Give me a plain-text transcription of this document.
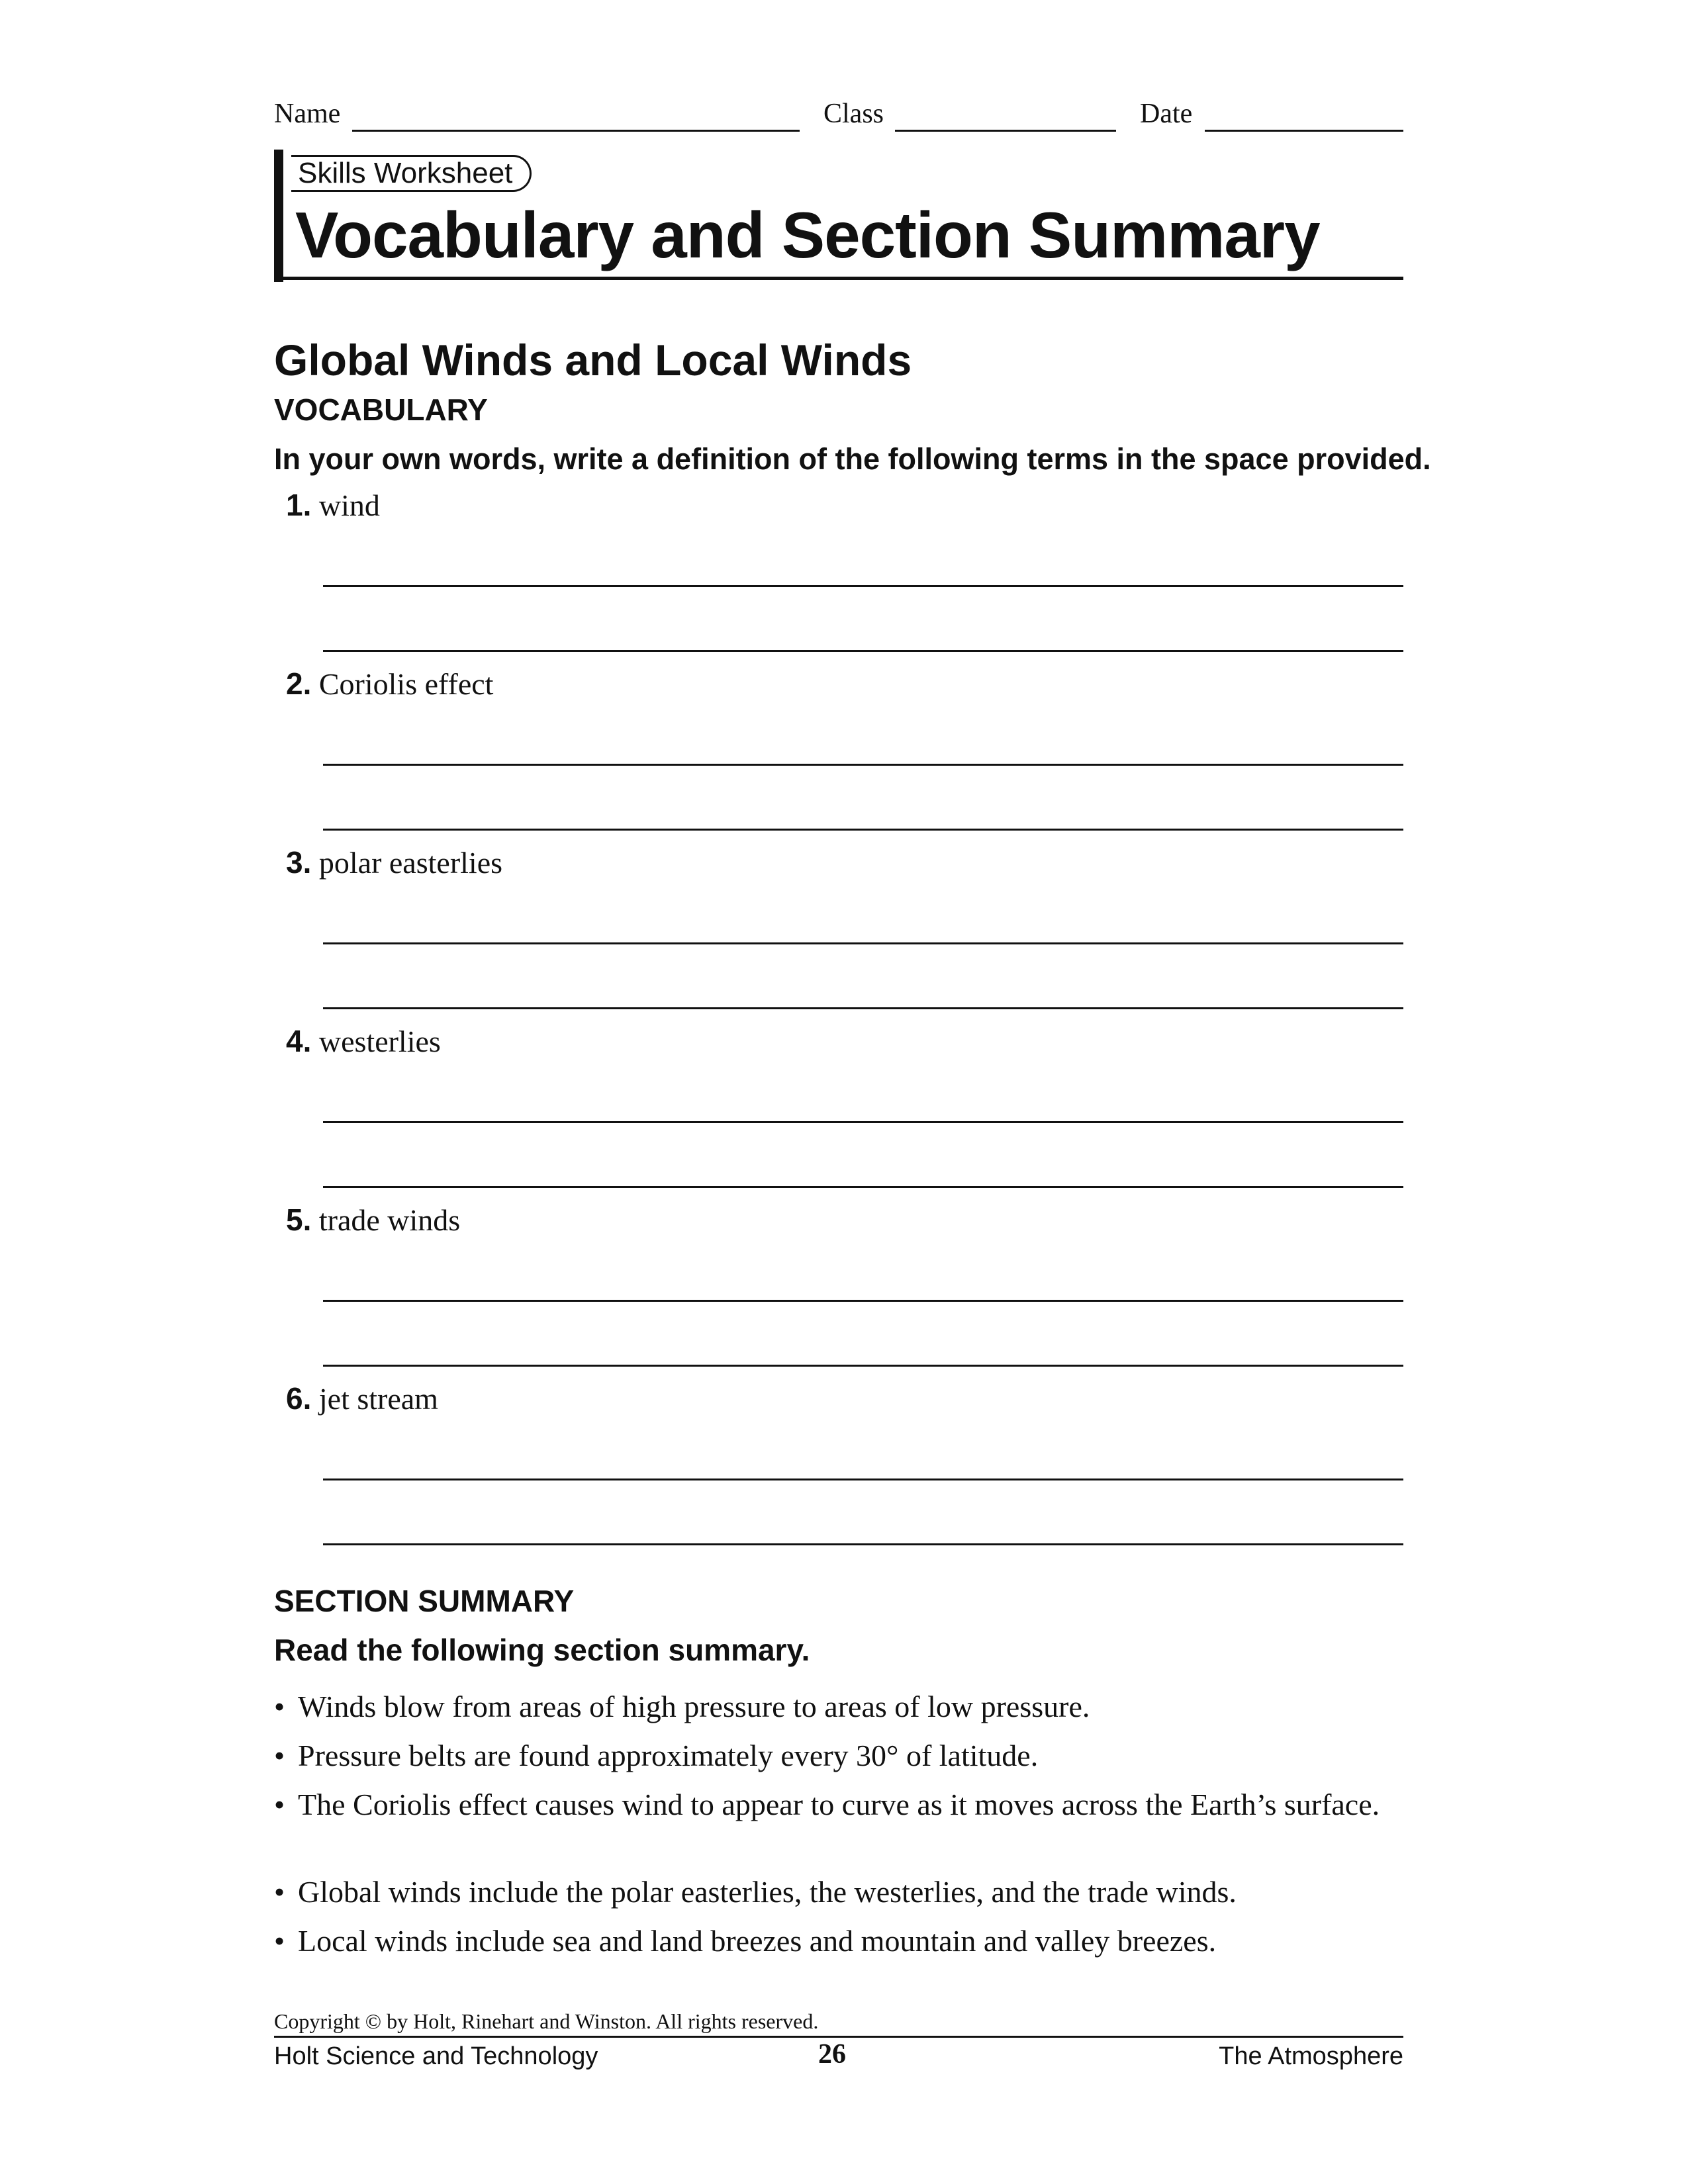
Name	Class	Date
Skills Worksheet
Vocabulary and Section Summary
Global Winds and Local Winds
VOCABULARY
In your own words, write a definition of the following terms in the space provided.
1. wind
2. Coriolis effect
3. polar easterlies
4. westerlies
5. trade winds
6. jet stream
SECTION SUMMARY
Read the following section summary.
• Winds blow from areas of high pressure to areas of low pressure.
• Pressure belts are found approximately every 30° of latitude.
• The Coriolis effect causes wind to appear to curve as it moves across the Earth’s surface.
• Global winds include the polar easterlies, the westerlies, and the trade winds.
• Local winds include sea and land breezes and mountain and valley breezes.
Copyright © by Holt, Rinehart and Winston. All rights reserved.
Holt Science and Technology	26	The Atmosphere
